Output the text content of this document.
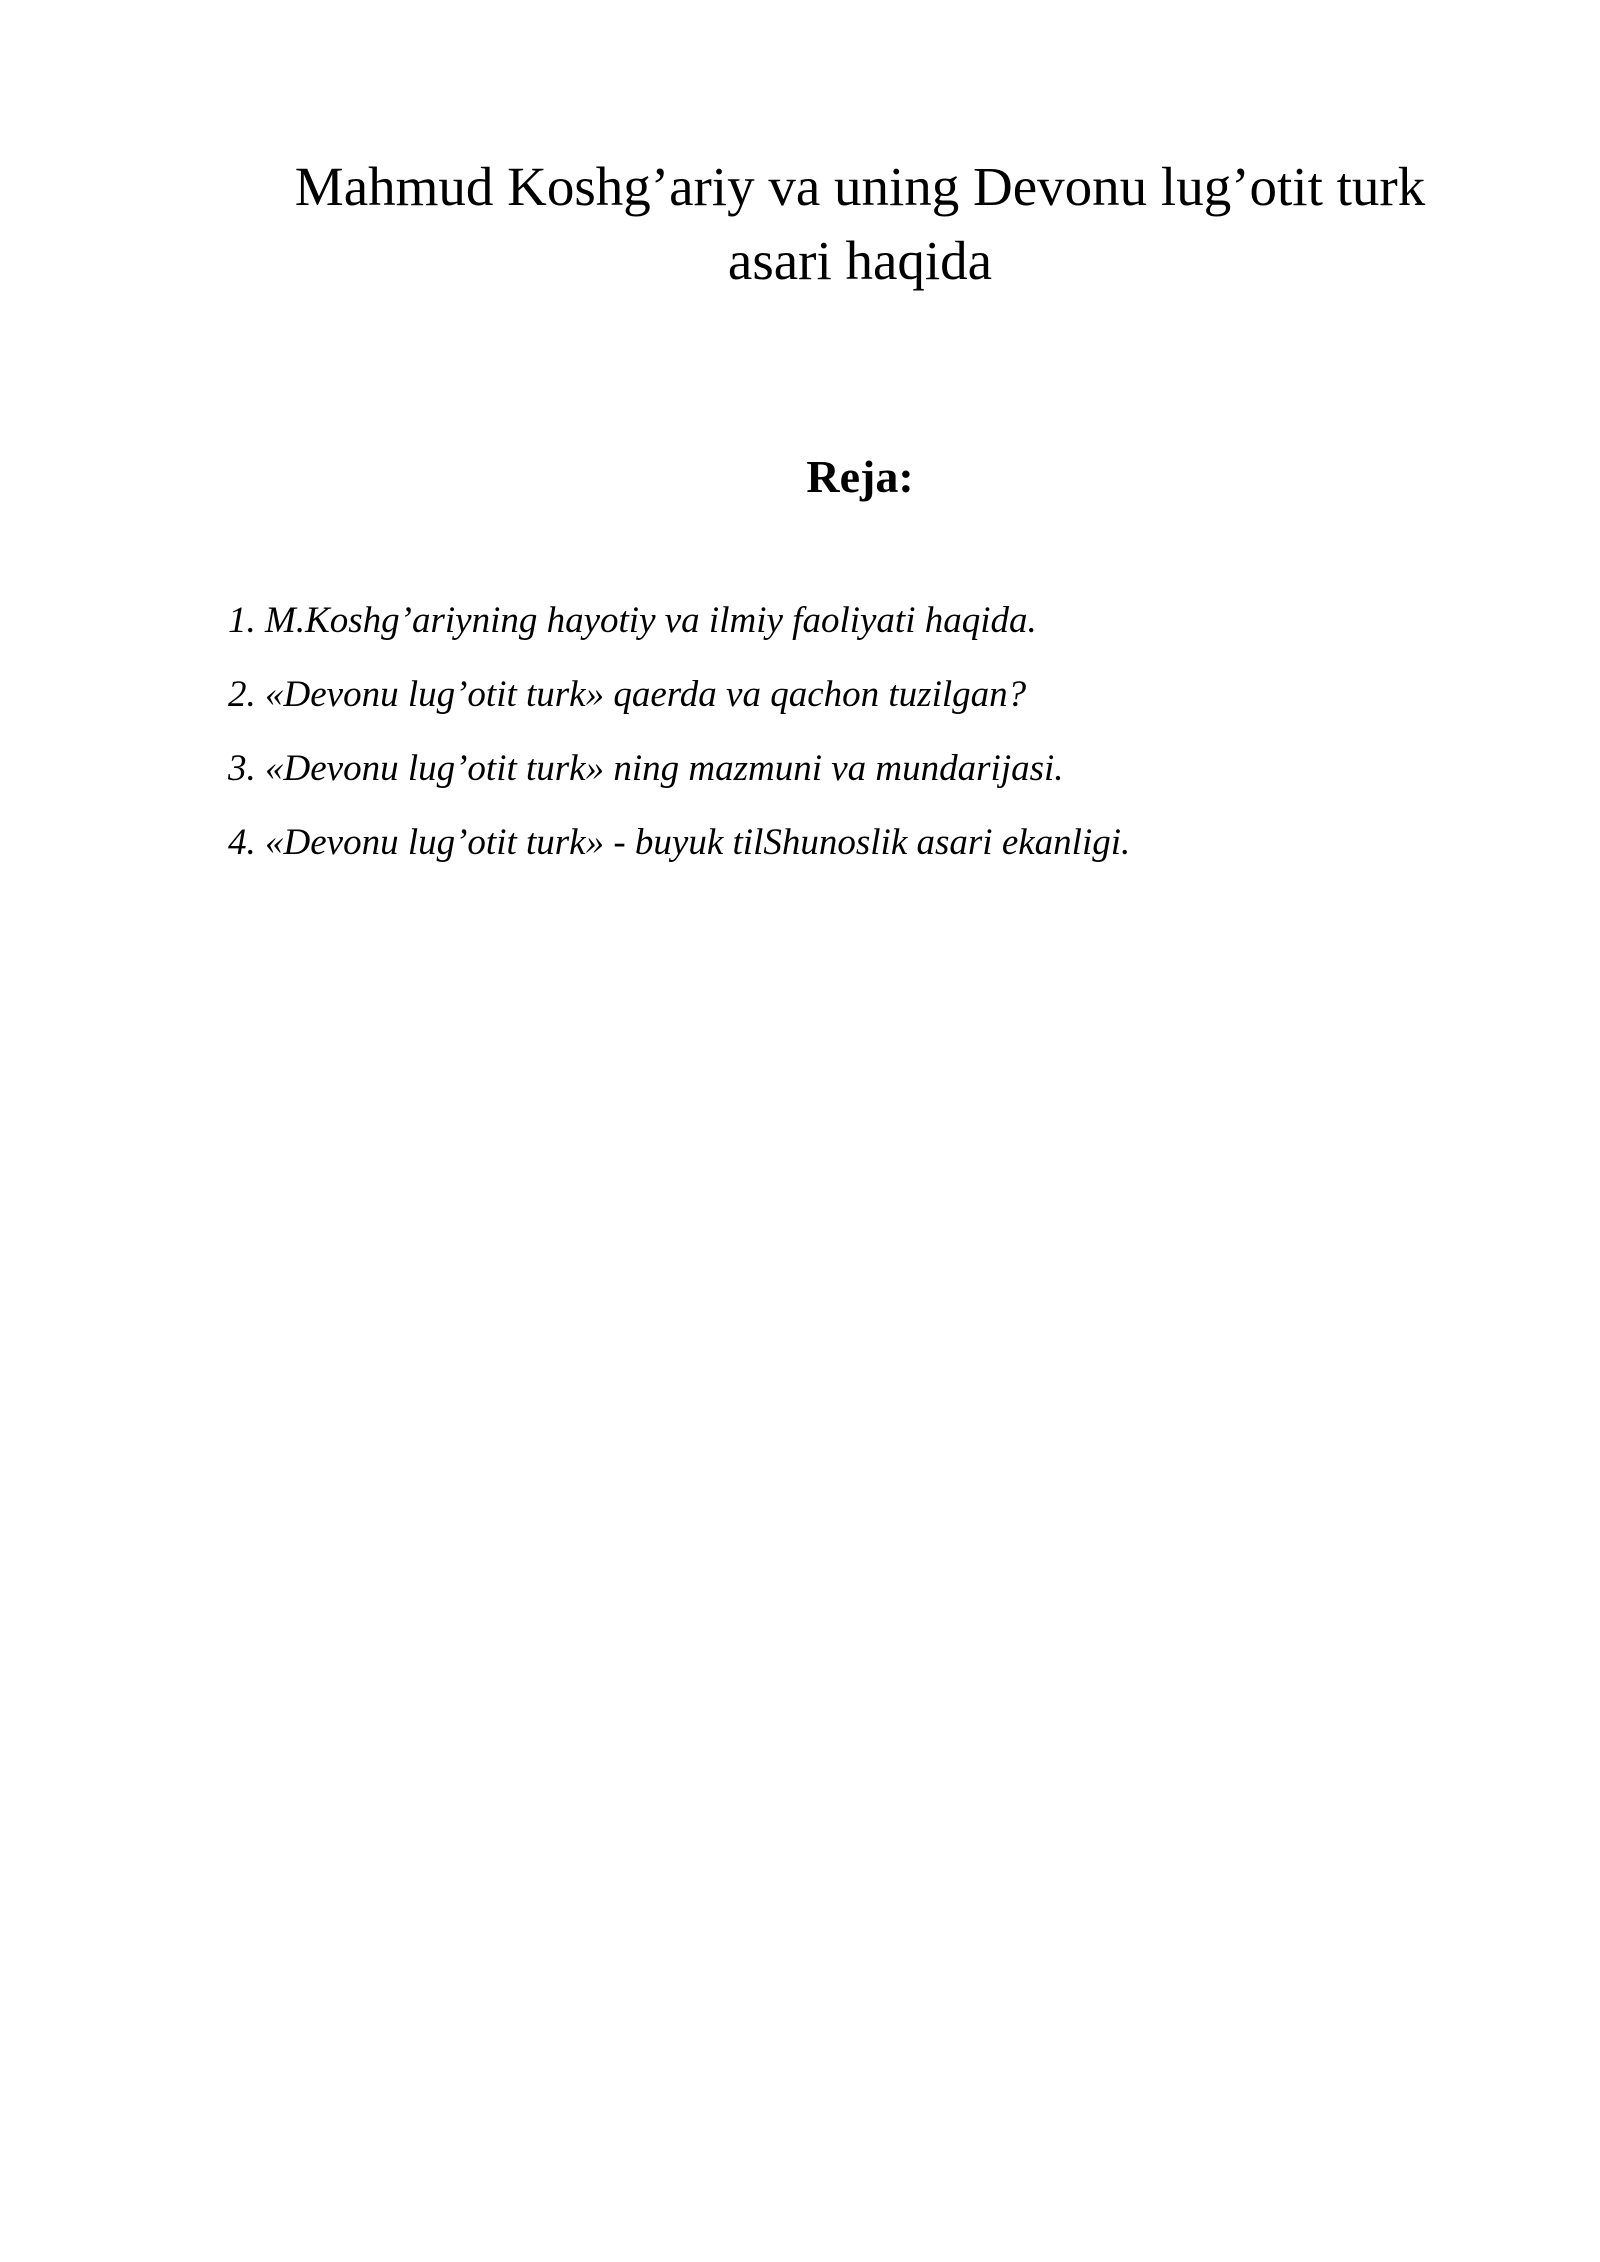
Mahmud Koshg’ariy va uning Devonu lug’otit turk
asari haqida
Reja:
1. M.Koshg’ariyning hayotiy va ilmiy faoliyati haqida.
2. «Devonu lug’otit turk» qaerda va qachon tuzilgan?
3. «Devonu lug’otit turk» ning mazmuni va mundarijasi.
4. «Devonu lug’otit turk» - buyuk tilShunoslik asari ekanligi.
